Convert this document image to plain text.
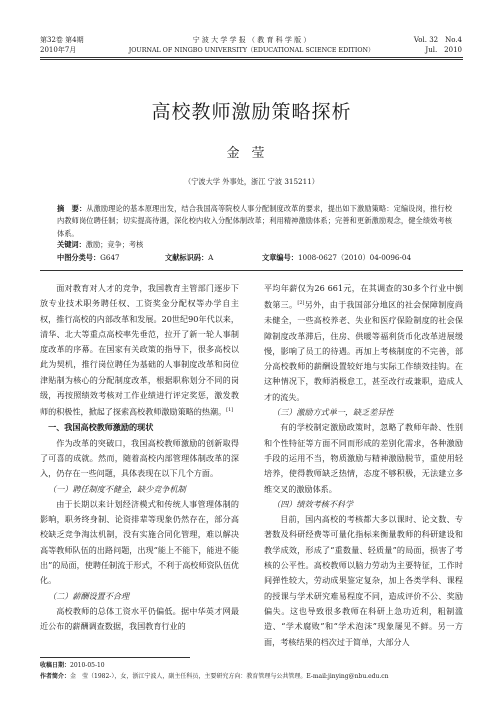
第32卷 第4期
2010年7月
宁 波 大 学 学 报 （ 教 育 科 学 版 ）
JOURNAL OF NINGBO UNIVERSITY（EDUCATIONAL SCIENCE EDITION）
Vol. 32　No.4
Jul.　2010
高校教师激励策略探析
金莹
（宁波大学 外事处，浙江 宁波 315211）
摘　要：从激励理论的基本原理出发，结合我国高等院校人事分配制度改革的要求，提出如下激励策略：定编设岗，推行校内教师岗位聘任制；切实提高待遇，深化校内收入分配体制改革；利用精神激励体系；完善和更新激励观念，健全绩效考核体系。
关键词：激励；竞争；考核
中图分类号：G647	文献标识码：A	文章编号：1008-0627（2010）04-0096-04

面对教育对人才的竞争，我国教育主管部门逐步下放专业技术职务聘任权、工资奖金分配权等办学自主权，推行高校的内部改革和发展。20世纪90年代以来，清华、北大等重点高校率先垂范，拉开了新一轮人事制度改革的序幕。在国家有关政策的指导下，很多高校以此为契机，推行岗位聘任为基础的人事制度改革和岗位津贴制为核心的分配制度改革，根据职称划分不同的岗级，再按照绩效考核对工作业绩进行评定奖惩，激发教师的积极性，掀起了探索高校教师激励策略的热潮。[1]

一、我国高校教师激励的现状

作为改革的突破口，我国高校教师激励的创新取得了可喜的成就。然而，随着高校内部管理体制改革的深入，仍存在一些问题，具体表现在以下几个方面。

（一）聘任制度不健全，缺少竞争机制

由于长期以来计划经济模式和传统人事管理体制的影响，职务终身制、论资排辈等现象仍然存在，部分高校缺乏竞争淘汰机制，没有实施合同化管理，难以解决高等教师队伍的出路问题，出现“能上不能下，能进不能出”的局面，使聘任制流于形式，不利于高校师资队伍优化。

（二）薪酬设置不合理

高校教师的总体工资水平仍偏低。据中华英才网最近公布的薪酬调查数据，我国教育行业的

平均年薪仅为26 661元，在其调查的30多个行业中倒数第三。[2]另外，由于我国部分地区的社会保障制度尚未健全，一些高校养老、失业和医疗保险制度的社会保障制度改革滞后，住房、供暖等福利货币化改革进展缓慢，影响了员工的待遇。再加上考核制度的不完善，部分高校教师的薪酬设置较好地与实际工作绩效挂钩。在这种情况下，教师消极怠工，甚至改行或兼职，造成人才的流失。

（三）激励方式单一，缺乏差异性

有的学校制定激励政策时，忽略了教师年龄、性别和个性特征等方面不同而形成的差别化需求，各种激励手段的运用不当，物质激励与精神激励脱节，重使用轻培养，使得教师缺乏热情，态度不够积极，无法建立多维交叉的激励体系。

（四）绩效考核不科学

目前，国内高校的考核都大多以课时、论文数、专著数及科研经费等可量化指标来衡量教师的科研建设和教学成效，形成了“重数量、轻质量”的局面，损害了考核的公平性。高校教师以脑力劳动为主要特征，工作时间弹性较大，劳动成果鉴定复杂，加上各类学科、课程的授课与学术研究难易程度不同，造成评价不公、奖励偏失。这也导致很多教师在科研上急功近利，粗制滥造、“学术腐败”和“学术泡沫”现象屡见不鲜。另一方面，考核结果的档次过于简单，大部分人

收稿日期：2010-05-10
作者简介：金　莹（1982-），女，浙江宁波人，副主任科员，主要研究方向：教育管理与公共管理。E-mail:jinying@nbu.edu.cn
